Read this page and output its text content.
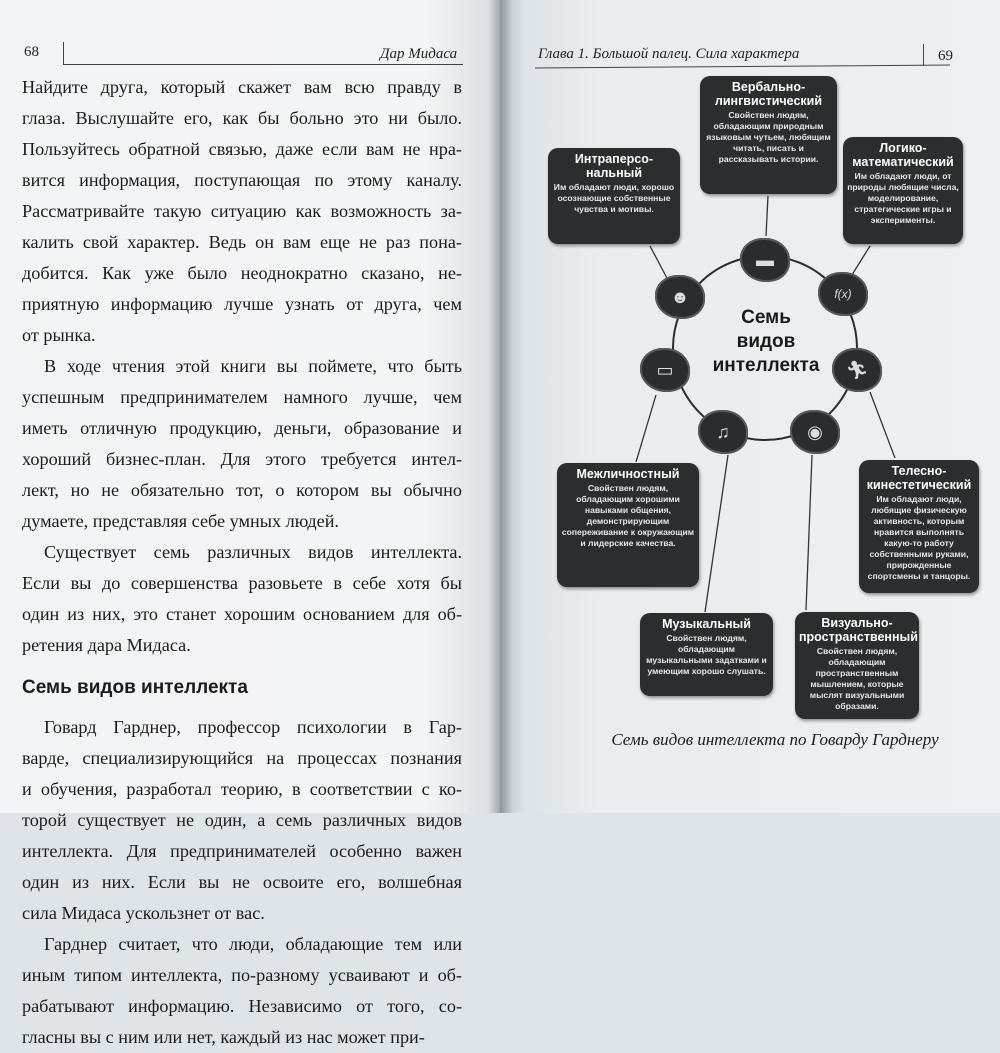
68	Дар Мидаса
Найдите друга, который скажет вам всю правду в
глаза. Выслушайте его, как бы больно это ни было.
Пользуйтесь обратной связью, даже если вам не нра-
вится информация, поступающая по этому каналу.
Рассматривайте такую ситуацию как возможность за-
калить свой характер. Ведь он вам еще не раз пона-
добится. Как уже было неоднократно сказано, не-
приятную информацию лучше узнать от друга, чем
от рынка.
В ходе чтения этой книги вы поймете, что быть
успешным предпринимателем намного лучше, чем
иметь отличную продукцию, деньги, образование и
хороший бизнес-план. Для этого требуется интел-
лект, но не обязательно тот, о котором вы обычно
думаете, представляя себе умных людей.
Существует семь различных видов интеллекта.
Если вы до совершенства разовьете в себе хотя бы
один из них, это станет хорошим основанием для об-
ретения дара Мидаса.
Семь видов интеллекта
Говард Гарднер, профессор психологии в Гар-
варде, специализирующийся на процессах познания
и обучения, разработал теорию, в соответствии с ко-
торой существует не один, а семь различных видов
интеллекта. Для предпринимателей особенно важен
один из них. Если вы не освоите его, волшебная
сила Мидаса ускользнет от вас.
Гарднер считает, что люди, обладающие тем или
иным типом интеллекта, по-разному усваивают и об-
рабатывают информацию. Независимо от того, со-
гласны вы с ним или нет, каждый из нас может при-
Глава 1. Большой палец. Сила характера	69
▬
f(x)
🏃︎
◉
♫
▭
☻
Семь
видов
интеллекта
Вербально-
лингвистический
Свойствен людям, обладающим природным языковым чутьем, любящим читать, писать и рассказывать истории.
Интраперсо-
нальный
Им обладают люди, хорошо осознающие собственные чувства и мотивы.
Логико-
математический
Им обладают люди, от природы любящие числа, моделирование, стратегические игры и эксперименты.
Межличностный
Свойствен людям, обладающим хорошими навыками общения, демонстрирующим сопереживание к окружающим и лидерские качества.
Телесно-
кинестетический
Им обладают люди, любящие физическую активность, которым нравится выполнять какую-то работу собственными руками, прирожденные спортсмены и танцоры.
Музыкальный
Свойствен людям, обладающим музыкальными задатками и умеющим хорошо слушать.
Визуально-
пространственный
Свойствен людям, обладающим пространственным мышлением, которые мыслят визуальными образами.
Семь видов интеллекта по Говарду Гарднеру
